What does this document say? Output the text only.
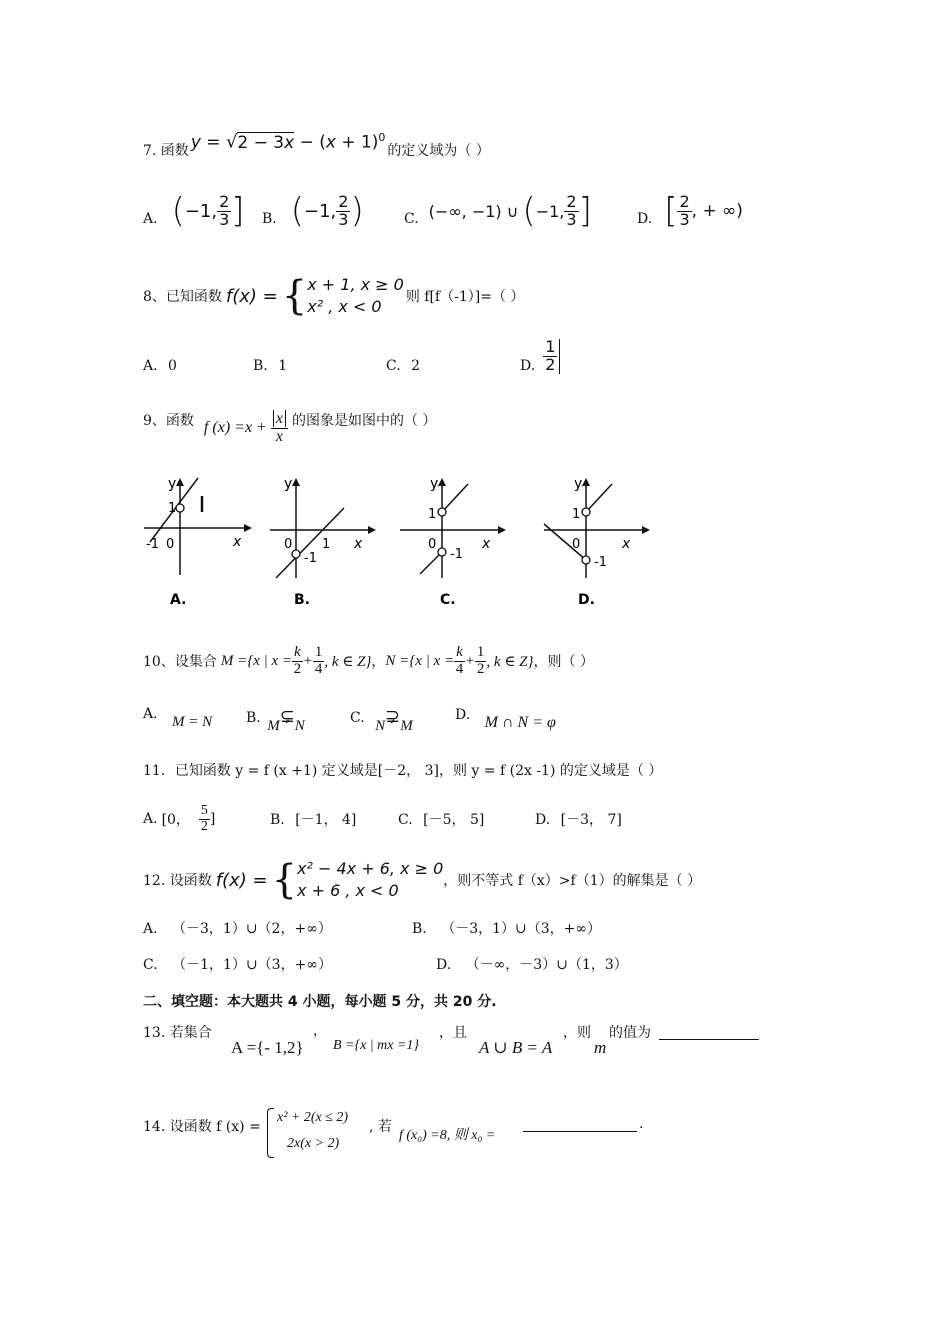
7. 函数 $y = √2 - 3x - (x + 1)^0$
的定义域为（ ）
A. ( −1, $\frac{2}{3}$ ] B. ( −1, $\frac{2}{3}$ )	C. (−∞, −1) ∪ ( −1, $\frac{2}{3}$ ]	D. [ $\frac{2}{3}$ , + ∞)
8、已知函数 f(x) = { x + 1, x ≥ 0
x² , x < 0	则 f[f（-1）]=（ ）
A. 0	B. 1	C. 2	D. $\frac{1}{2}$
9、函数 f ( x ) = $x + \frac{x}{x}$ 的图象是如图中的（ ）
y
x
1
-1 0
A.
y
x
0 1
-1
B.
y
x
1
0
-1
C.
y
x
1
0
-1
D.
10、设集合 M ={x | $x = \frac{k}{2} + \frac{1}{4}$ , k ∈ Z} ， N ={x | $x = \frac{k}{4} + \frac{1}{2}$ , k ∈ Z} ，则（ ）
A. M = N B. M⊊N	C. N⊋M
D. M ∩ N = φ
11．已知函数 y = f (x +1) 定义域是[－2， 3]，则 y = f (2x -1) 的定义域是（ ）
A. [0， $\frac{5}{2}$ ]	B. [－1， 4]	C. [－5， 5]	D. [－3， 7]
12. 设函数 f(x) = { x² − 4x + 6, x ≥ 0
x + 6 , x < 0	，则不等式 f（x）>f（1）的解集是（ ）
A. （－3，1）∪（2，+∞）	B. （－3，1）∪（3，+∞）
C. （－1，1）∪（3，+∞）	D. （－∞，－3）∪（1，3）
二、填空题：本大题共 4 小题，每小题 5 分，共 20 分.
13. 若集合
A ={- 1,2}
，
B ={x | mx =1}
，且
A ∪ B = A
，则
m
的值为
14. 设函数 f (x) =
x² + 2(x ≤ 2)
2x(x > 2)
, 若
f (x₀) =8, 则 x₀ =
.
